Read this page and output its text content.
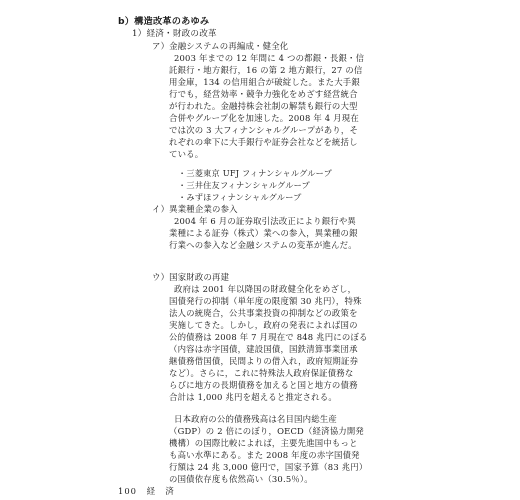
b）構造改革のあゆみ
1）経済・財政の改革
ア）金融システムの再編成・健全化
2003 年までの 12 年間に 4 つの都銀・長銀・信
託銀行・地方銀行，16 の第 2 地方銀行，27 の信
用金庫，134 の信用組合が破綻した。また大手銀
行でも，経営効率・競争力強化をめざす経営統合
が行われた。金融持株会社制の解禁も銀行の大型
合併やグループ化を加速した。2008 年 4 月現在
では次の 3 大フィナンシャルグループがあり，そ
れぞれの傘下に大手銀行や証券会社などを統括し
ている。
・三菱東京 UFJ フィナンシャルグループ
・三井住友フィナンシャルグループ
・みずほフィナンシャルグループ
イ）異業種企業の参入
2004 年 6 月の証券取引法改正により銀行や異
業種による証券（株式）業への参入，異業種の銀
行業への参入など金融システムの変革が進んだ。
ウ）国家財政の再建
政府は 2001 年以降国の財政健全化をめざし，
国債発行の抑制（単年度の限度額 30 兆円），特殊
法人の統廃合，公共事業投資の抑制などの政策を
実施してきた。しかし，政府の発表によれば国の
公的債務は 2008 年 7 月現在で 848 兆円にのぼる
（内容は赤字国債，建設国債，国鉄清算事業団承
継債務借国債，民間よりの借入れ，政府短期証券
など）。さらに，これに特殊法人政府保証債務な
らびに地方の長期債務を加えると国と地方の債務
合計は 1,000 兆円を超えると推定される。
日本政府の公的債務残高は名目国内総生産
（GDP）の 2 倍にのぼり，OECD（経済協力開発
機構）の国際比較によれば，主要先進国中もっと
も高い水準にある。また 2008 年度の赤字国債発
行額は 24 兆 3,000 億円で，国家予算（83 兆円）
の国債依存度も依然高い（30.5％）。
100 経　済
